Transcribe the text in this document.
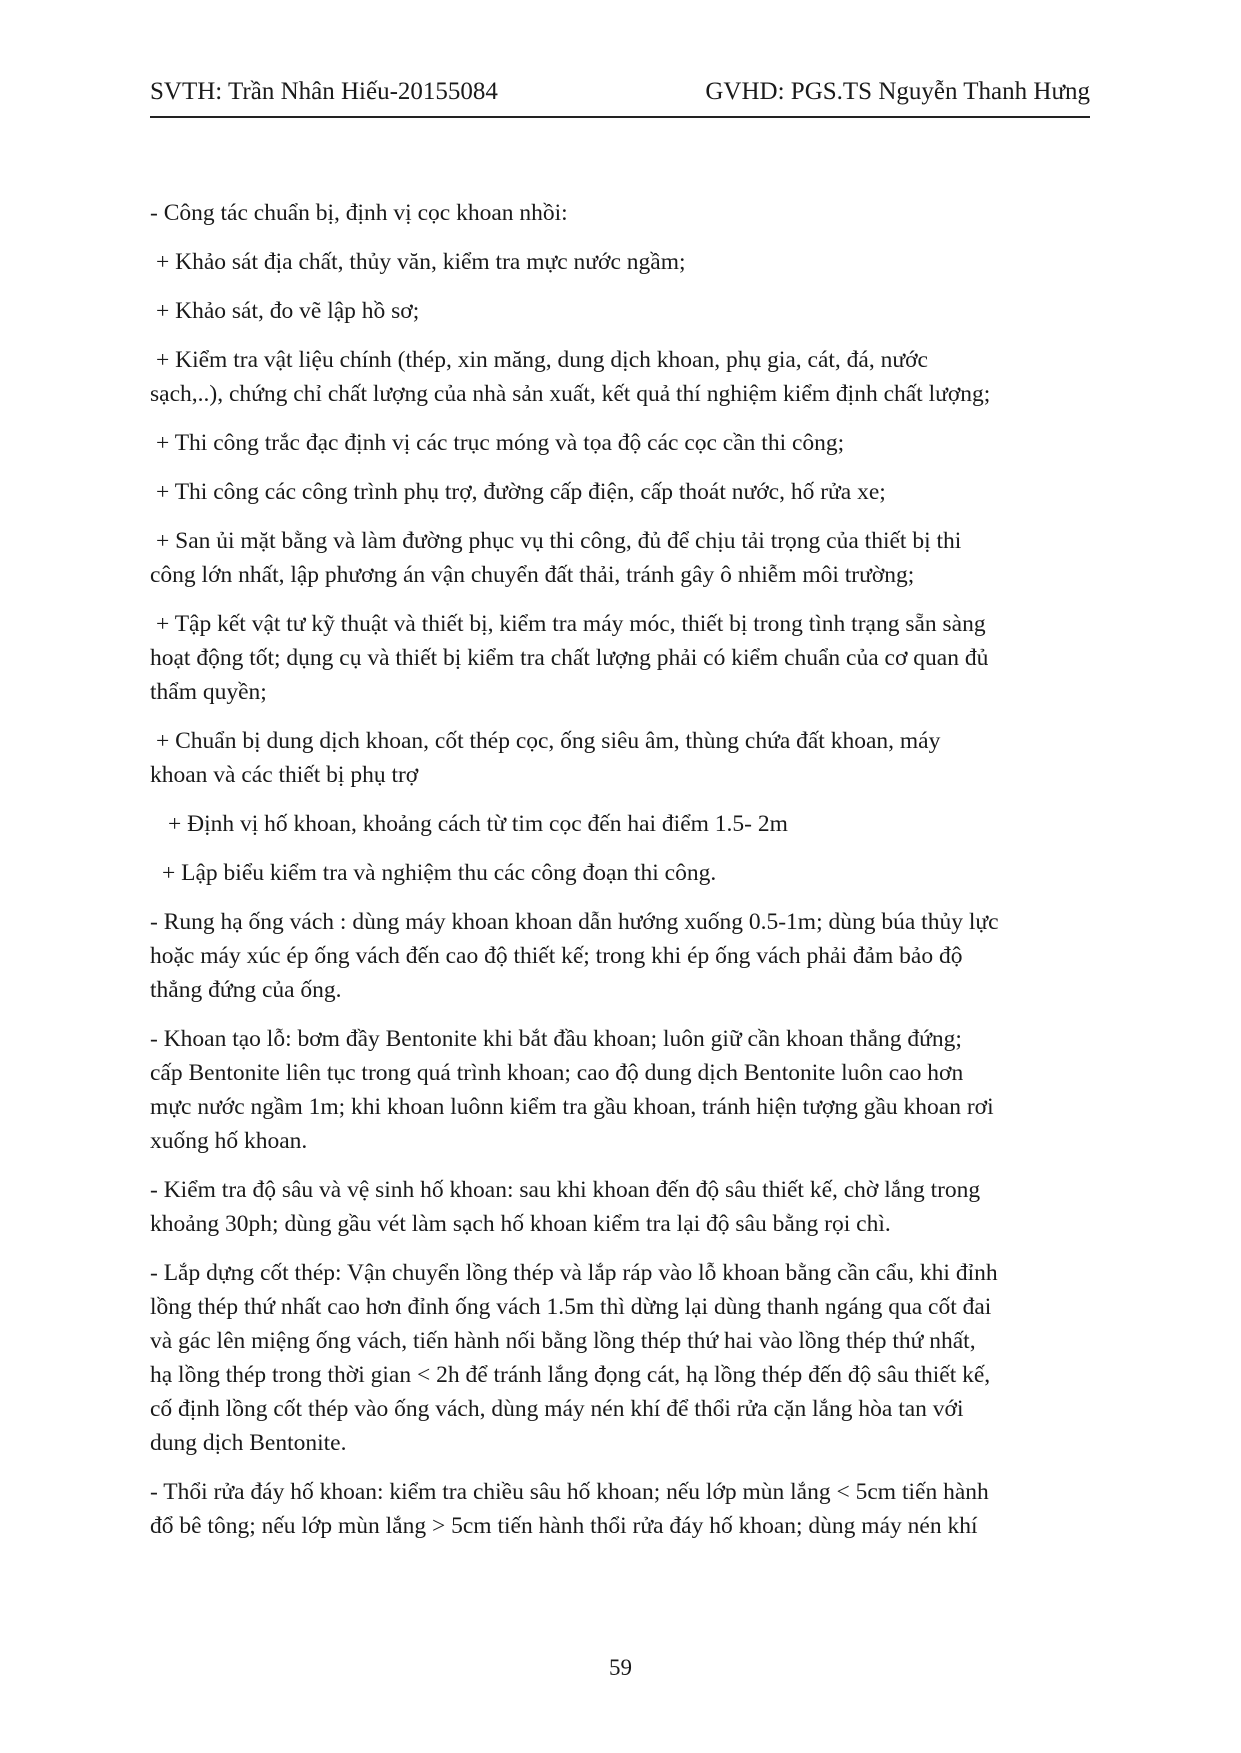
SVTH: Trần Nhân Hiếu-20155084	GVHD: PGS.TS Nguyễn Thanh Hưng

- Công tác chuẩn bị, định vị cọc khoan nhồi:

+ Khảo sát địa chất, thủy văn, kiểm tra mực nước ngầm;

+ Khảo sát, đo vẽ lập hồ sơ;

+ Kiểm tra vật liệu chính (thép, xin măng, dung dịch khoan, phụ gia, cát, đá, nước
sạch,..), chứng chỉ chất lượng của nhà sản xuất, kết quả thí nghiệm kiểm định chất lượng;

+ Thi công trắc đạc định vị các trục móng và tọa độ các cọc cần thi công;

+ Thi công các công trình phụ trợ, đường cấp điện, cấp thoát nước, hố rửa xe;

+ San ủi mặt bằng và làm đường phục vụ thi công, đủ để chịu tải trọng của thiết bị thi
công lớn nhất, lập phương án vận chuyển đất thải, tránh gây ô nhiễm môi trường;

+ Tập kết vật tư kỹ thuật và thiết bị, kiểm tra máy móc, thiết bị trong tình trạng sẵn sàng
hoạt động tốt; dụng cụ và thiết bị kiểm tra chất lượng phải có kiểm chuẩn của cơ quan đủ
thẩm quyền;

+ Chuẩn bị dung dịch khoan, cốt thép cọc, ống siêu âm, thùng chứa đất khoan, máy
khoan và các thiết bị phụ trợ

+ Định vị hố khoan, khoảng cách từ tim cọc đến hai điểm 1.5- 2m

+ Lập biểu kiểm tra và nghiệm thu các công đoạn thi công.

- Rung hạ ống vách : dùng máy khoan khoan dẫn hướng xuống 0.5-1m; dùng búa thủy lực
hoặc máy xúc ép ống vách đến cao độ thiết kế; trong khi ép ống vách phải đảm bảo độ
thẳng đứng của ống.

- Khoan tạo lỗ: bơm đầy Bentonite khi bắt đầu khoan; luôn giữ cần khoan thẳng đứng;
cấp Bentonite liên tục trong quá trình khoan; cao độ dung dịch Bentonite luôn cao hơn
mực nước ngầm 1m; khi khoan luônn kiểm tra gầu khoan, tránh hiện tượng gầu khoan rơi
xuống hố khoan.

- Kiểm tra độ sâu và vệ sinh hố khoan: sau khi khoan đến độ sâu thiết kế, chờ lắng trong
khoảng 30ph; dùng gầu vét làm sạch hố khoan kiểm tra lại độ sâu bằng rọi chì.

- Lắp dựng cốt thép: Vận chuyển lồng thép và lắp ráp vào lỗ khoan bằng cần cẩu, khi đỉnh
lồng thép thứ nhất cao hơn đỉnh ống vách 1.5m thì dừng lại dùng thanh ngáng qua cốt đai
và gác lên miệng ống vách, tiến hành nối bằng lồng thép thứ hai vào lồng thép thứ nhất,
hạ lồng thép trong thời gian < 2h để tránh lắng đọng cát, hạ lồng thép đến độ sâu thiết kế,
cố định lồng cốt thép vào ống vách, dùng máy nén khí để thổi rửa cặn lắng hòa tan với
dung dịch Bentonite.

- Thổi rửa đáy hố khoan: kiểm tra chiều sâu hố khoan; nếu lớp mùn lắng < 5cm tiến hành
đổ bê tông; nếu lớp mùn lắng > 5cm tiến hành thổi rửa đáy hố khoan; dùng máy nén khí

59
